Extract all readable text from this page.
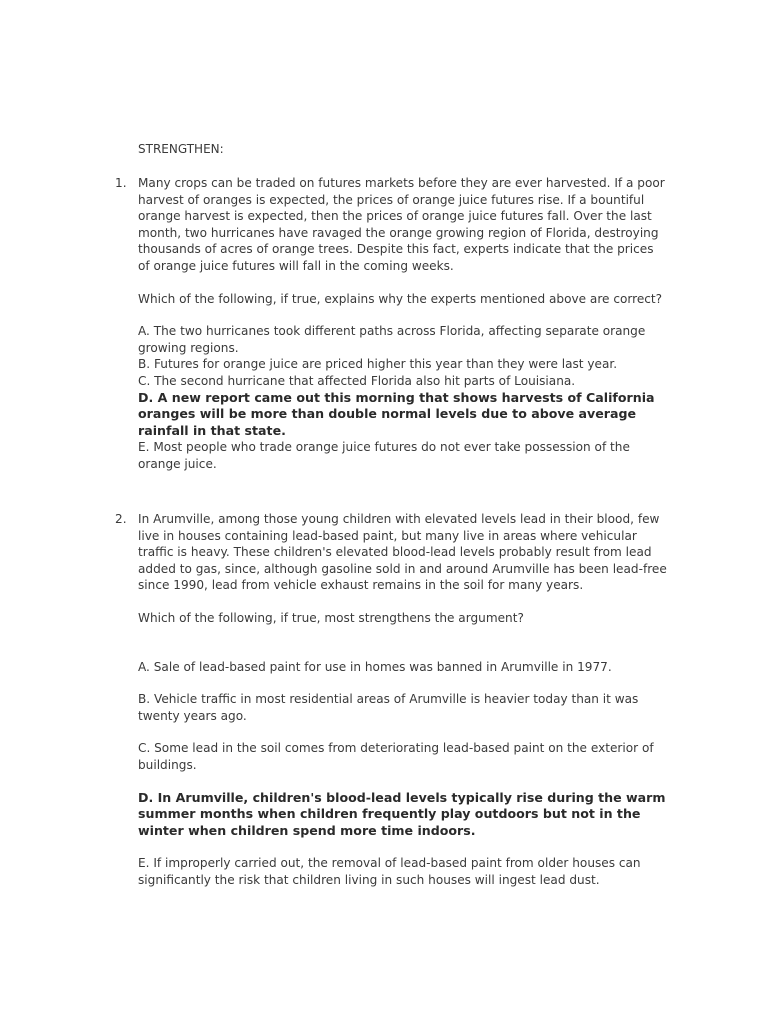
STRENGTHEN:
1. Many crops can be traded on futures markets before they are ever harvested. If a poor harvest of oranges is expected, the prices of orange juice futures rise. If a bountiful orange harvest is expected, then the prices of orange juice futures fall. Over the last month, two hurricanes have ravaged the orange growing region of Florida, destroying thousands of acres of orange trees. Despite this fact, experts indicate that the prices of orange juice futures will fall in the coming weeks.

Which of the following, if true, explains why the experts mentioned above are correct?

A. The two hurricanes took different paths across Florida, affecting separate orange growing regions.

B. Futures for orange juice are priced higher this year than they were last year.

C. The second hurricane that affected Florida also hit parts of Louisiana.

D. A new report came out this morning that shows harvests of California oranges will be more than double normal levels due to above average rainfall in that state.

E. Most people who trade orange juice futures do not ever take possession of the orange juice.

2. In Arumville, among those young children with elevated levels lead in their blood, few live in houses containing lead-based paint, but many live in areas where vehicular traffic is heavy. These children's elevated blood-lead levels probably result from lead added to gas, since, although gasoline sold in and around Arumville has been lead-free since 1990, lead from vehicle exhaust remains in the soil for many years.

Which of the following, if true, most strengthens the argument?

A. Sale of lead-based paint for use in homes was banned in Arumville in 1977.

B. Vehicle traffic in most residential areas of Arumville is heavier today than it was twenty years ago.

C. Some lead in the soil comes from deteriorating lead-based paint on the exterior of buildings.

D. In Arumville, children's blood-lead levels typically rise during the warm summer months when children frequently play outdoors but not in the winter when children spend more time indoors.

E. If improperly carried out, the removal of lead-based paint from older houses can significantly the risk that children living in such houses will ingest lead dust.
